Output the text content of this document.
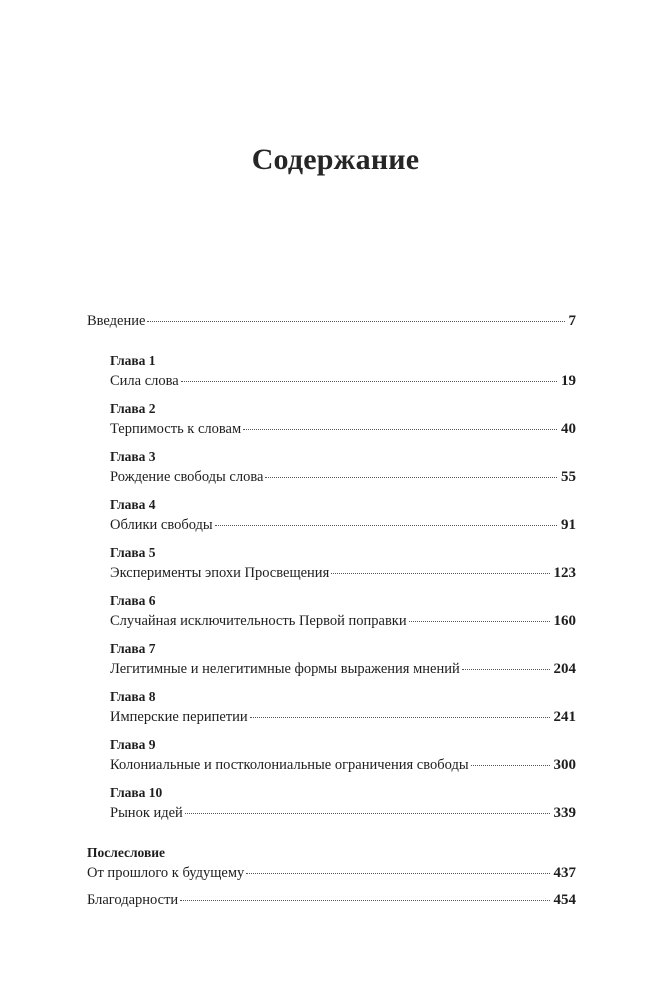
Содержание
Введение	7
Глава 1
Сила слова	19
Глава 2
Терпимость к словам	40
Глава 3
Рождение свободы слова	55
Глава 4
Облики свободы	91
Глава 5
Эксперименты эпохи Просвещения	123
Глава 6
Случайная исключительность Первой поправки	160
Глава 7
Легитимные и нелегитимные формы выражения мнений	204
Глава 8
Имперские перипетии	241
Глава 9
Колониальные и постколониальные ограничения свободы	300
Глава 10
Рынок идей	339
Послесловие
От прошлого к будущему	437
Благодарности	454
